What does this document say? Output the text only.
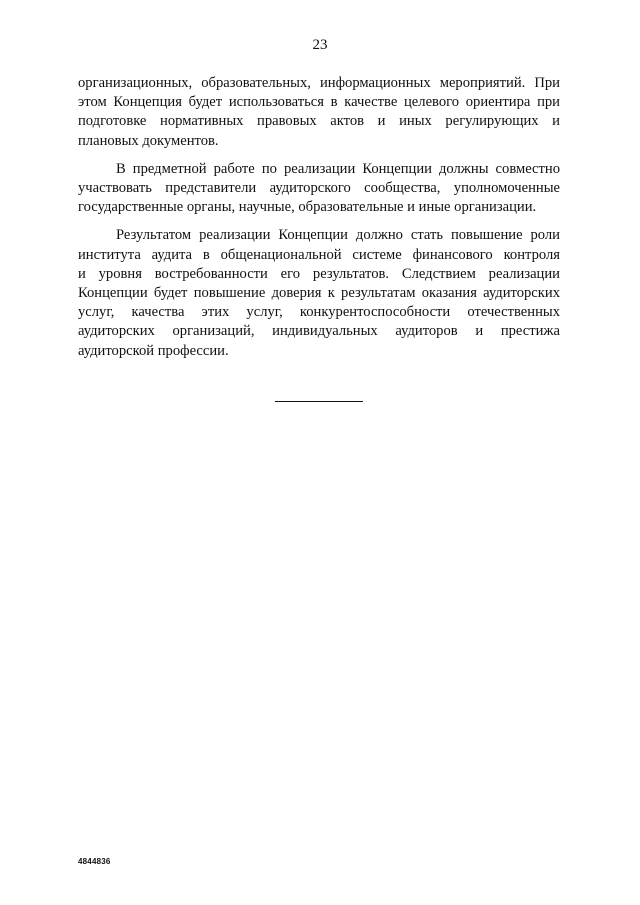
23

организационных, образовательных, информационных мероприятий. При
этом Концепция будет использоваться в качестве целевого ориентира при
подготовке нормативных правовых актов и иных регулирующих и
плановых документов.

В предметной работе по реализации Концепции должны совместно
участвовать представители аудиторского сообщества, уполномоченные
государственные органы, научные, образовательные и иные организации.

Результатом реализации Концепции должно стать повышение роли
института аудита в общенациональной системе финансового контроля
и уровня востребованности его результатов. Следствием реализации
Концепции будет повышение доверия к результатам оказания аудиторских
услуг, качества этих услуг, конкурентоспособности отечественных
аудиторских организаций, индивидуальных аудиторов и престижа
аудиторской профессии.

4844836
